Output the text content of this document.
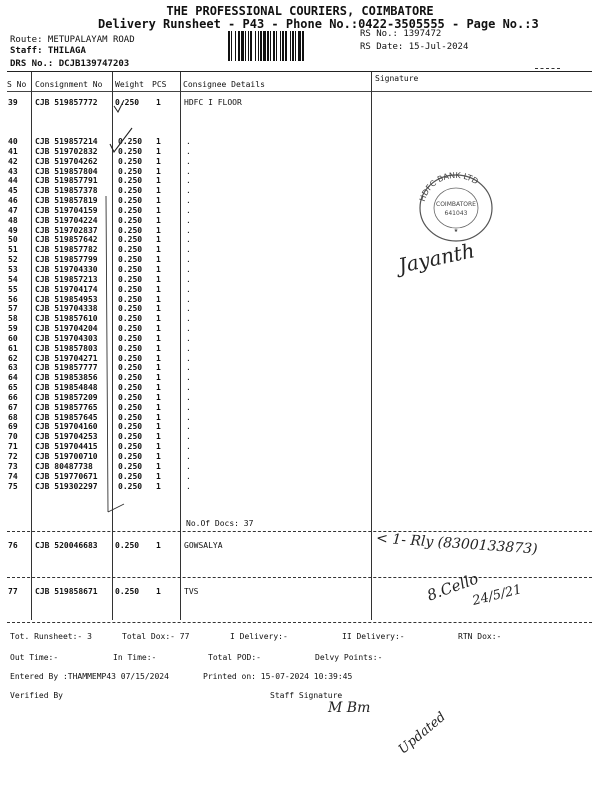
THE PROFESSIONAL COURIERS, COIMBATORE
Delivery Runsheet - P43 - Phone No.:0422-3505555 - Page No.:3
Route: METUPALAYAM ROAD
Staff: THILAGA
DRS No.: DCJB139747203
RS No.: 1397472
RS Date: 15-Jul-2024
S No Consignment No Weight PCS Consignee Details
Signature
39 CJB 519857772 0.250 1	HDFC I FLOOR
40 CJB 519857214	0.250 1	.
41 CJB 519702832	0.250 1	.
42 CJB 519704262	0.250 1	.
43 CJB 519857804	0.250 1	.
44 CJB 519857791	0.250 1	.
45 CJB 519857378	0.250 1	.
46 CJB 519857819	0.250 1	.
47 CJB 519704159	0.250 1	.
48 CJB 519704224	0.250 1	.
49 CJB 519702837	0.250 1	.
50 CJB 519857642	0.250 1	.
51 CJB 519857782	0.250 1	.
52 CJB 519857799	0.250 1	.
53 CJB 519704330	0.250 1	.
54 CJB 519857213	0.250 1	.
55 CJB 519704174	0.250 1	.
56 CJB 519854953	0.250 1	.
57 CJB 519704338	0.250 1	.
58 CJB 519857610	0.250 1	.
59 CJB 519704204	0.250 1	.
60 CJB 519704303	0.250 1	.
61 CJB 519857803	0.250 1	.
62 CJB 519704271	0.250 1	.
63 CJB 519857777	0.250 1	.
64 CJB 519853856	0.250 1	.
65 CJB 519854848	0.250 1	.
66 CJB 519857209	0.250 1	.
67 CJB 519857765	0.250 1	.
68 CJB 519857645	0.250 1	.
69 CJB 519704160	0.250 1	.
70 CJB 519704253	0.250 1	.
71 CJB 519704415	0.250 1	.
72 CJB 519700710	0.250 1	.
73 CJB 80487738	0.250 1	.
74 CJB 519770671	0.250 1	.
75 CJB 519302297	0.250 1	.
No.Of Docs: 37
76 CJB 520046683 0.250 1	GOWSALYA
77 CJB 519858671 0.250 1	TVS
Tot. Runsheet:- 3	Total Dox:- 77	I Delivery:-	II Delivery:-	RTN Dox:-
Out Time:-	In Time:-	Total POD:-	Delvy Points:-
Entered By :THAMMEMP43 07/15/2024	Printed on: 15-07-2024 10:39:45
Verified By	Staff Signature
HDFC BANK LTD
COIMBATORE
641043
★
Jayanth
< 1- Rly (8300133873)
8.Cello
24/5/21
M Bm
Updated
